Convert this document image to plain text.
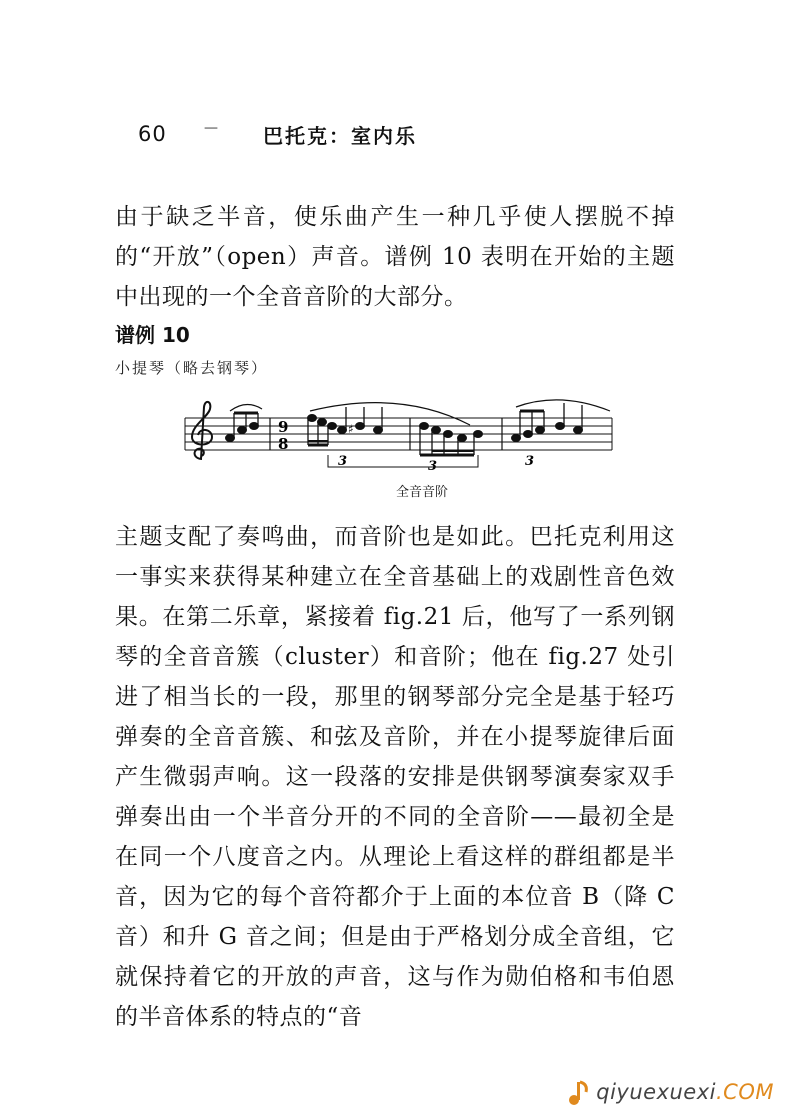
60	— 巴托克：室内乐

由于缺乏半音，使乐曲产生一种几乎使人摆脱不掉的“开放”（open）声音。谱例 10 表明在开始的主题中出现的一个全音音阶的大部分。

谱例 10
小提琴（略去钢琴）
9
8
♯
3	3	3
全音音阶

主题支配了奏鸣曲，而音阶也是如此。巴托克利用这一事实来获得某种建立在全音基础上的戏剧性音色效果。在第二乐章，紧接着 fig.21 后，他写了一系列钢琴的全音音簇（cluster）和音阶；他在 fig.27 处引进了相当长的一段，那里的钢琴部分完全是基于轻巧弹奏的全音音簇、和弦及音阶，并在小提琴旋律后面产生微弱声响。这一段落的安排是供钢琴演奏家双手弹奏出由一个半音分开的不同的全音阶——最初全是在同一个八度音之内。从理论上看这样的群组都是半音，因为它的每个音符都介于上面的本位音 B（降 C 音）和升 G 音之间；但是由于严格划分成全音组，它就保持着它的开放的声音，这与作为勋伯格和韦伯恩的半音体系的特点的“音

qiyuexuexi.COM
